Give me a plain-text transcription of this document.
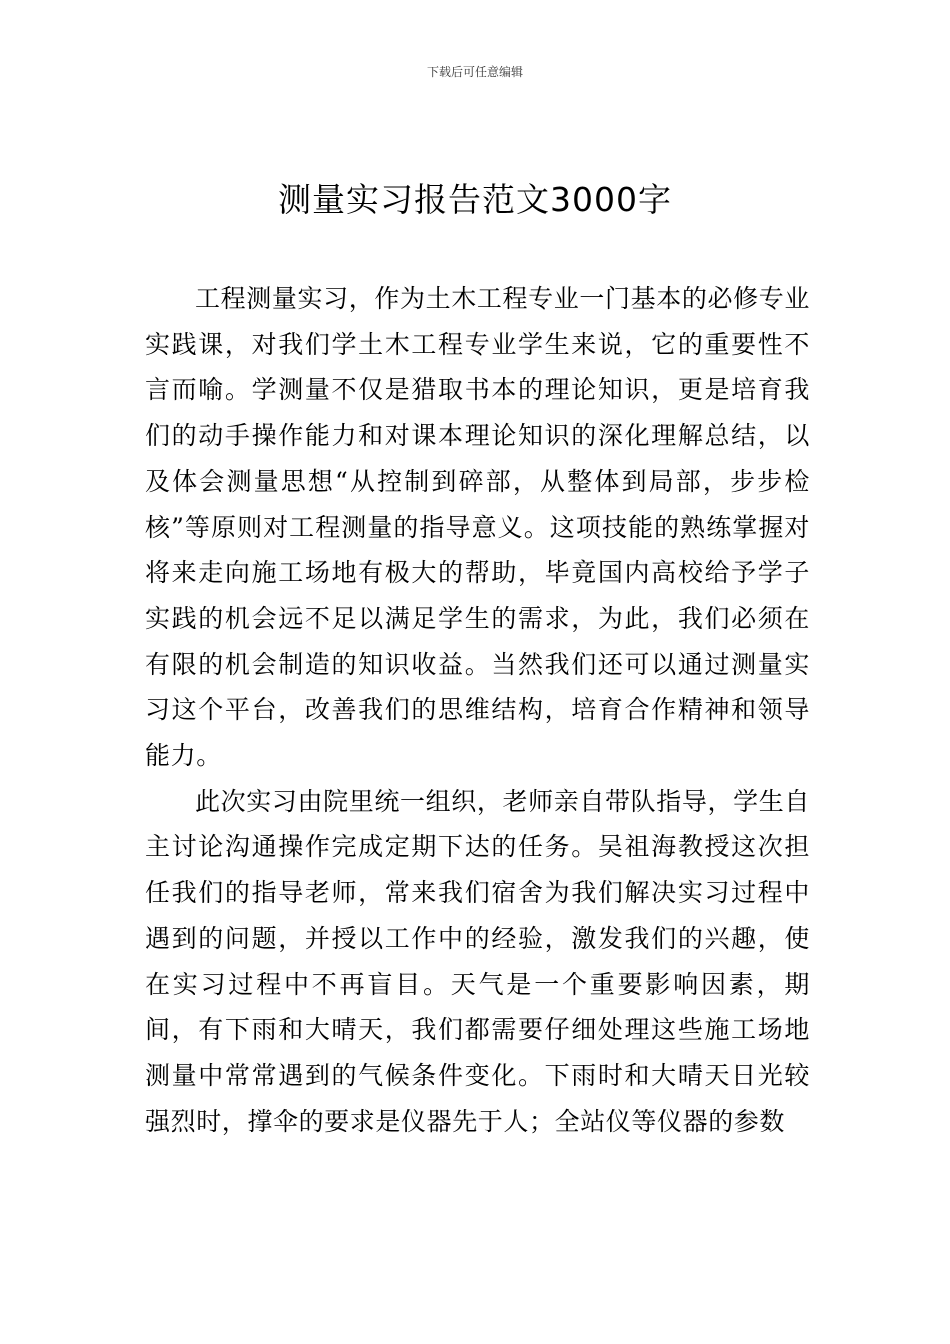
下载后可任意编辑
测量实习报告范文3000字

工程测量实习，作为土木工程专业一门基本的必修专业实践课，对我们学土木工程专业学生来说，它的重要性不言而喻。学测量不仅是猎取书本的理论知识，更是培育我们的动手操作能力和对课本理论知识的深化理解总结，以及体会测量思想“从控制到碎部，从整体到局部，步步检核”等原则对工程测量的指导意义。这项技能的熟练掌握对将来走向施工场地有极大的帮助，毕竟国内高校给予学子实践的机会远不足以满足学生的需求，为此，我们必须在有限的机会制造的知识收益。当然我们还可以通过测量实习这个平台，改善我们的思维结构，培育合作精神和领导能力。

此次实习由院里统一组织，老师亲自带队指导，学生自主讨论沟通操作完成定期下达的任务。吴祖海教授这次担任我们的指导老师，常来我们宿舍为我们解决实习过程中遇到的问题，并授以工作中的经验，激发我们的兴趣，使在实习过程中不再盲目。天气是一个重要影响因素，期间，有下雨和大晴天，我们都需要仔细处理这些施工场地测量中常常遇到的气候条件变化。下雨时和大晴天日光较强烈时，撑伞的要求是仪器先于人；全站仪等仪器的参数
